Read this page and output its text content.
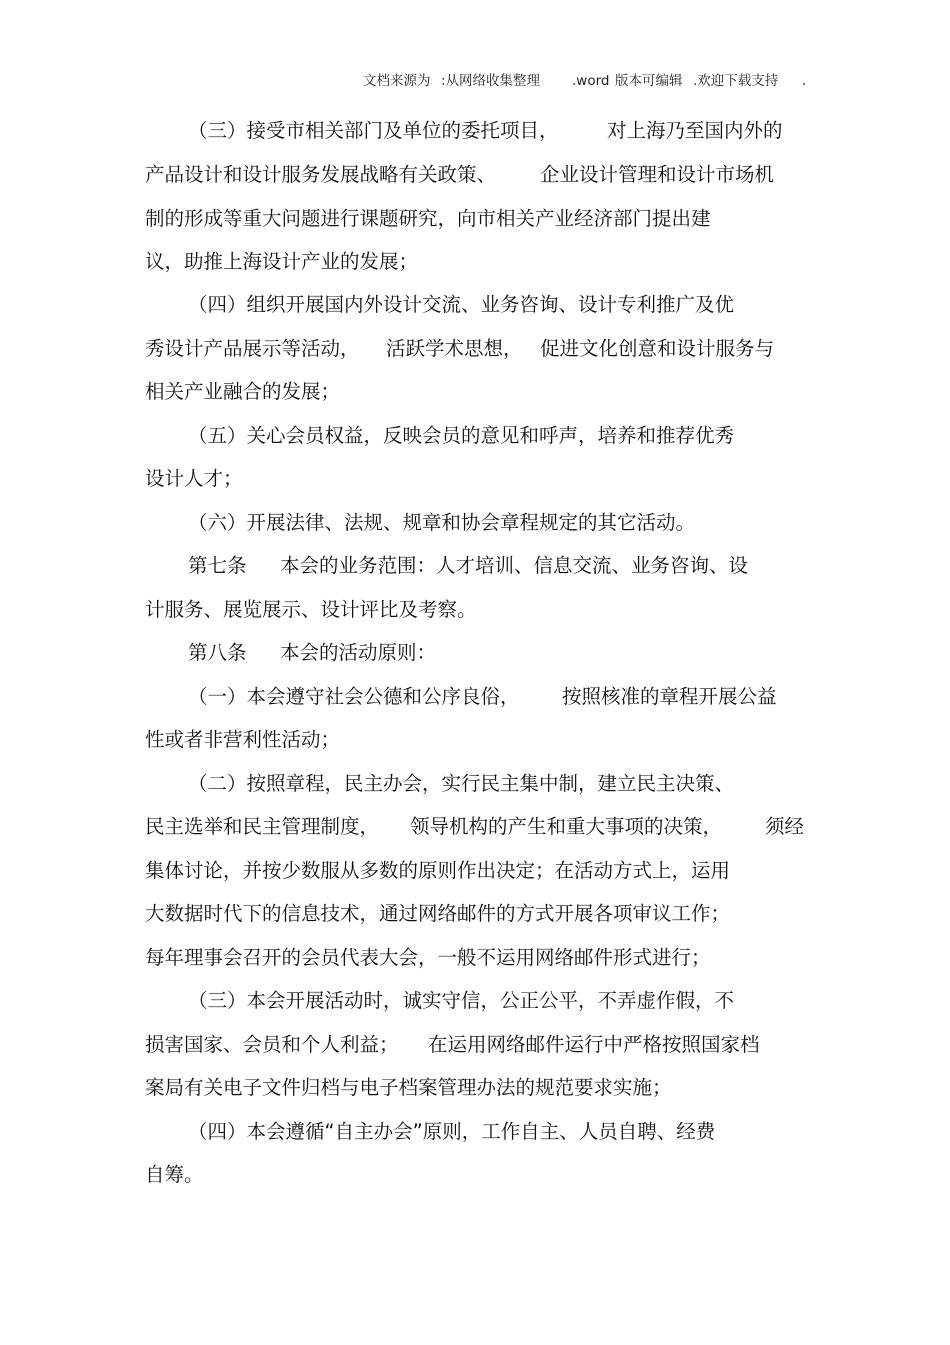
文档来源为 :从网络收集整理 .word 版本可编辑 .欢迎下载支持 .
（三）接受市相关部门及单位的委托项目， 对上海乃至国内外的
产品设计和设计服务发展战略有关政策、 企业设计管理和设计市场机
制的形成等重大问题进行课题研究，向市相关产业经济部门提出建
议，助推上海设计产业的发展；
（四）组织开展国内外设计交流、业务咨询、设计专利推广及优
秀设计产品展示等活动， 活跃学术思想， 促进文化创意和设计服务与
相关产业融合的发展；
（五）关心会员权益，反映会员的意见和呼声，培养和推荐优秀
设计人才；
（六）开展法律、法规、规章和协会章程规定的其它活动。
第七条 本会的业务范围：人才培训、信息交流、业务咨询、设
计服务、展览展示、设计评比及考察。
第八条 本会的活动原则：
（一）本会遵守社会公德和公序良俗， 按照核准的章程开展公益
性或者非营利性活动；
（二）按照章程，民主办会，实行民主集中制，建立民主决策、
民主选举和民主管理制度， 领导机构的产生和重大事项的决策， 须经
集体讨论，并按少数服从多数的原则作出决定；在活动方式上，运用
大数据时代下的信息技术，通过网络邮件的方式开展各项审议工作；
每年理事会召开的会员代表大会，一般不运用网络邮件形式进行；
（三）本会开展活动时，诚实守信，公正公平，不弄虚作假，不
损害国家、会员和个人利益； 在运用网络邮件运行中严格按照国家档
案局有关电子文件归档与电子档案管理办法的规范要求实施；
（四）本会遵循“自主办会”原则，工作自主、人员自聘、经费
自筹。
